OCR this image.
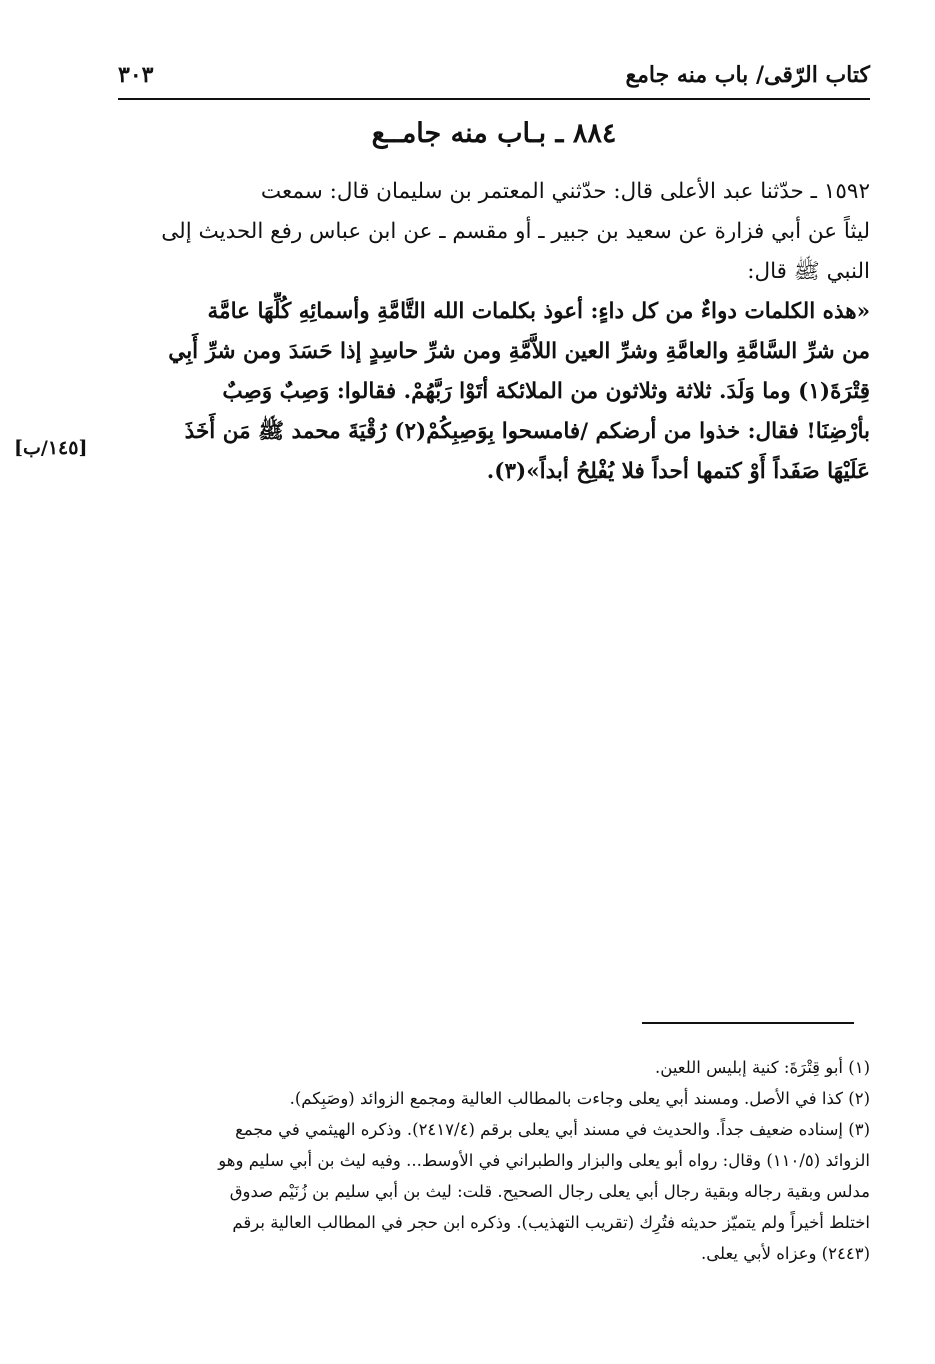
كتاب الرّقى/ باب منه جامع
٣٠٣
٨٨٤ ـ بـاب منه جامــع
١٥٩٢ ـ حدّثنا عبد الأعلى قال: حدّثني المعتمر بن سليمان قال: سمعت
ليثاً عن أبي فزارة عن سعيد بن جبير ـ أو مقسم ـ عن ابن عباس رفع الحديث إلى
النبي ﷺ قال:
«هذه الكلمات دواءٌ من كل داءٍ: أعوذ بكلمات الله التَّامَّةِ وأسمائِهِ كُلِّهَا عامَّة
من شرِّ السَّامَّةِ والعامَّةِ وشرِّ العين اللاَّمَّةِ ومن شرِّ حاسِدٍ إذا حَسَدَ ومن شرِّ أَبِي
قِتْرَةَ(١) وما وَلَدَ. ثلاثة وثلاثون من الملائكة أتَوْا رَبَّهُمْ. فقالوا: وَصِبٌ وَصِبٌ
بأرْضِنَا! فقال: خذوا من أرضكم /فامسحوا بِوَصِبِكُمْ(٢) رُقْيَةَ محمد ﷺ مَن أَخَذَ
عَلَيْهَا صَفَداً أَوْ كتمها أحداً فلا يُفْلِحُ أبداً»(٣).
[١٤٥/ب]
(١) أبو قِتْرَةَ: كنية إبليس اللعين.
(٢) كذا في الأصل. ومسند أبي يعلى وجاءت بالمطالب العالية ومجمع الزوائد (وصَبِكم).
(٣) إسناده ضعيف جداً. والحديث في مسند أبي يعلى برقم (٢٤١٧/٤). وذكره الهيثمي في مجمع
الزوائد (١١٠/٥) وقال: رواه أبو يعلى والبزار والطبراني في الأوسط... وفيه ليث بن أبي سليم وهو
مدلس وبقية رجاله وبقية رجال أبي يعلى رجال الصحيح. قلت: ليث بن أبي سليم بن زُنَيْم صدوق
اختلط أخيراً ولم يتميّز حديثه فتُرِك (تقريب التهذيب). وذكره ابن حجر في المطالب العالية برقم
(٢٤٤٣) وعزاه لأبي يعلى.
